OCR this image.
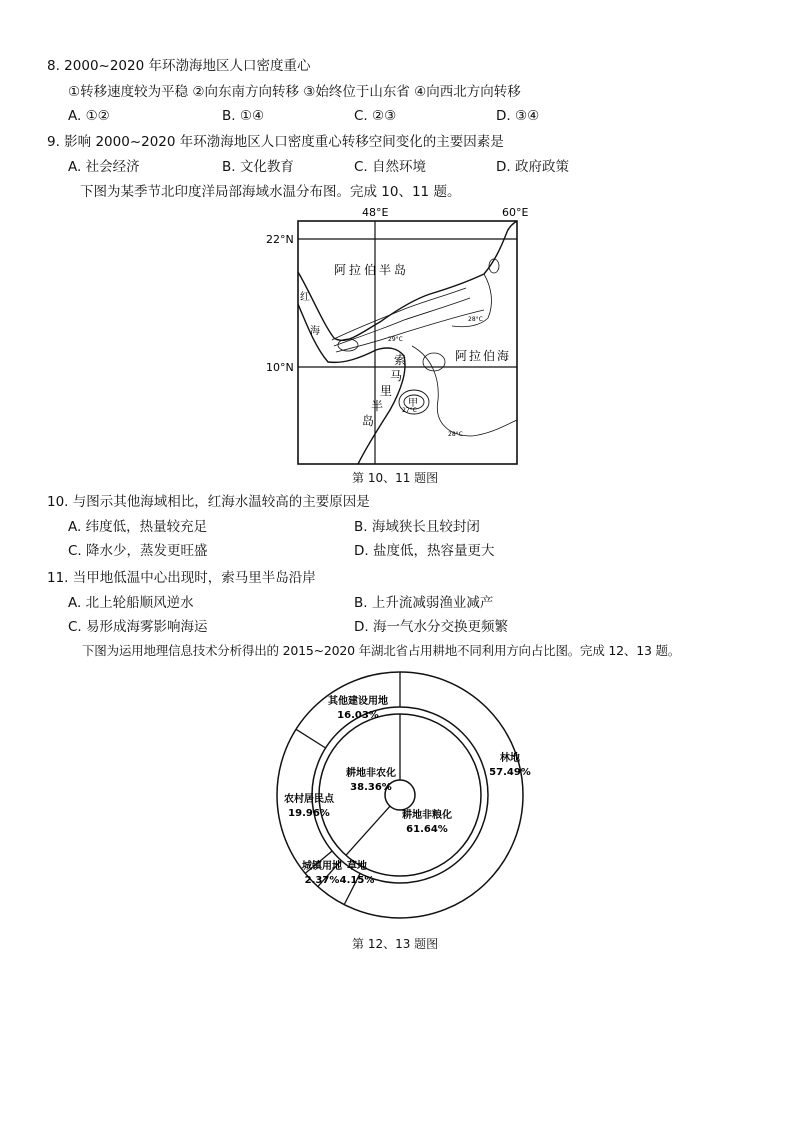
8. 2000~2020 年环渤海地区人口密度重心
①转移速度较为平稳 ②向东南方向转移 ③始终位于山东省 ④向西北方向转移
A. ①②	B. ①④	C. ②③	D. ③④
9. 影响 2000~2020 年环渤海地区人口密度重心转移空间变化的主要因素是
A. 社会经济	B. 文化教育	C. 自然环境	D. 政府政策
下图为某季节北印度洋局部海域水温分布图。完成 10、11 题。
48°E	60°E
22°N
10°N
甲
阿拉伯半岛
阿拉伯海
红
海
索
马
里
半
岛
29°C
28°C
27°C
28°C
第 10、11 题图
10. 与图示其他海域相比，红海水温较高的主要原因是
A. 纬度低，热量较充足	B. 海域狭长且较封闭
C. 降水少，蒸发更旺盛	D. 盐度低，热容量更大
11. 当甲地低温中心出现时，索马里半岛沿岸
A. 北上轮船顺风逆水	B. 上升流减弱渔业减产
C. 易形成海雾影响海运	D. 海一气水分交换更频繁
下图为运用地理信息技术分析得出的 2015~2020 年湖北省占用耕地不同利用方向占比图。完成 12、13 题。
林地
57.49%
草地
4.15%
城镇用地
2.37%
农村居民点
19.96%
其他建设用地
16.03%
耕地非粮化
61.64%
耕地非农化
38.36%
第 12、13 题图
